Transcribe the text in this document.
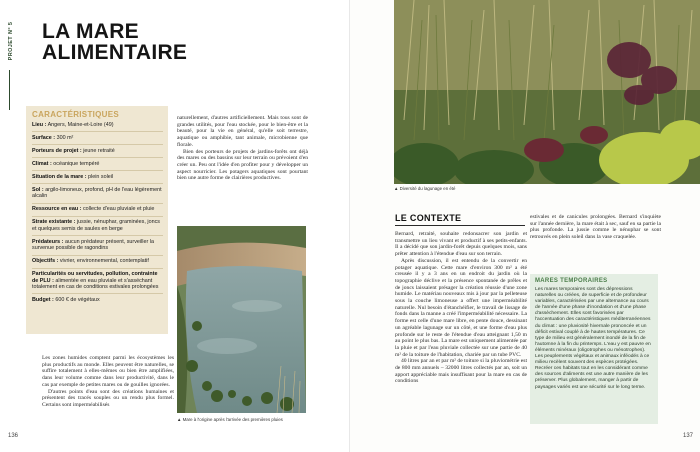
PROJET N° 5 LA MARE ALIMENTAIRE
CARACTÉRISTIQUES
Lieu : Angers, Maine-et-Loire (49)
Surface : 300 m²
Porteurs de projet : jeune retraité
Climat : océanique tempéré
Situation de la mare : plein soleil
Sol : argilo-limoneux, profond, pH de l'eau légèrement alcalin
Ressource en eau : collecte d'eau pluviale et pluie
Strate existante : jussie, nénuphar, graminées, joncs et quelques semis de saules en berge
Prédateurs : aucun prédateur présent, surveiller la survenue possible de ragondins
Objectifs : vivrier, environnemental, contemplatif
Particularités ou servitudes, pollution, contrainte de PLU : alimentée en eau pluviale et s'asséchant totalement en cas de conditions estivales prolongées
Budget : 600 € de végétaux

naturellement, d'autres artificiellement. Mais tous sont de grandes utilités, pour l'eau stockée, pour le bien-être et la beauté, pour la vie en général, qu'elle soit terrestre, aquatique ou amphibie, tant animale, microbienne que florale.

Bien des porteurs de projets de jardins-forêts ont déjà des mares ou des bassins sur leur terrain ou prévoient d'en créer un. Peu ont l'idée d'en profiter pour y développer un aspect nourricier. Les potagers aquatiques sont pourtant bien une autre forme de clairières productives.

▲ Mare à l'origine après l'arrivée des premières pluies

Les zones humides comptent parmi les écosystèmes les plus productifs au monde. Elles peuvent être naturelles, se suffire totalement à elles-mêmes ou bien être amplifiées, dans leur volume comme dans leur productivité, dans le cas par exemple de petites mares ou de gouilles ignorées.

D'autres points d'eau sont des créations humaines et présentent des tracés souples ou un rendu plus formel. Certains sont imperméabilisés

136
▲ Diversité du lagunage en été
LE CONTEXTE

Bernard, retraité, souhaite redonsacrer son jardin et transmettre un lieu vivant et productif à ses petits-enfants. Il a décidé que son jardin-forêt depuis quelques mois, sans prêter attention à l'étendue d'eau sur son terrain.

Après discussion, il est entendu de la convertir en potager aquatique. Cette mare d'environ 300 m² a été creusée il y a 3 ans en un endroit du jardin où la topographie déclive et la présence spontanée de prêles et de joncs laissaient présager la création réussie d'une zone humide. Le matériau nouveaux mis à jour par la pelleteuse sous la couche limoneuse a offert une imperméabilité naturelle. Nul besoin d'étanchéifier, le travail de lissage de fonds dans la manne a créé l'imperméabilité nécessaire. La forme est celle d'une mare libre, en pente douce, dessinant un agréable lagunage sur un côté, et une forme d'eau plus profonde sur le reste de l'étendue d'eau atteignant 1,50 m au point le plus bas. La mare est uniquement alimentée par la pluie et par l'eau pluviale collectée sur une partie de 40 m² de la toiture de l'habitation, chariée par un tube PVC.

40 litres par an et par m² de toiture si la pluviométrie est de 800 mm annuels – 32000 litres collectés par an, soit un apport appréciable mais insuffisant pour la mare en cas de conditions

estivales et de canicules prolongées. Bernard s'inquiète sur l'année dernière, la mare était à sec, sauf en sa partie la plus profonde. La jussie comme le nénuphar se sont retrouvés en plein soleil dans la vase craquelée.

MARES TEMPORAIRES
Les mares temporaires sont des dépressions naturelles ou créées, de superficie et de profondeur variables, caractérisées par une alternance au cours de l'année d'une phase d'inondation et d'une phase d'assèchement. Elles sont favorisées par l'accentuation des caractéristiques méditerranéennes du climat : une pluviosité hivernale prononcée et un déficit estival couplé à de hautes températures. Ce type de milieu est généralement inondé de la fin de l'automne à la fin du printemps. L'eau y est pauvre en éléments minéraux (oligotrophes ou mésotrophes). Les peuplements végétaux et animaux inféodés à ce milieu recèlent souvent des espèces protégées. Recréer ces habitats tout en les considérant comme des sources d'aliments est une autre manière de les préserver. Plus globalement, manger à partir de paysages variés est une sécurité sur le long terme.
137
